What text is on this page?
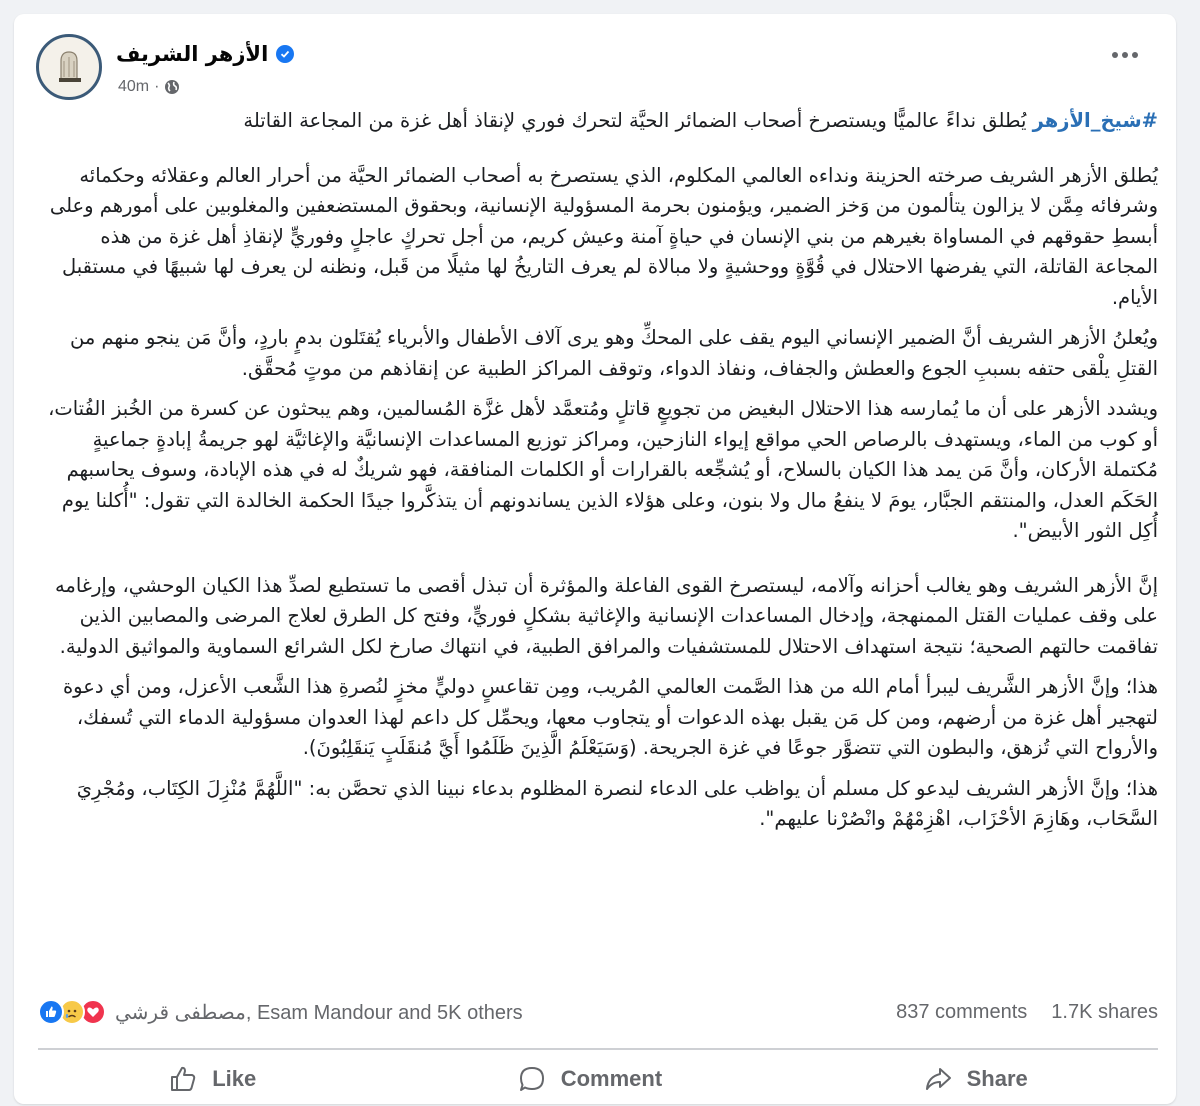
الأزهر الشريف
40m ·

#شيخ_الأزهر يُطلق نداءً عالميًّا ويستصرخ أصحاب الضمائر الحيَّة لتحرك فوري لإنقاذ أهل غزة من المجاعة القاتلة

يُطلق الأزهر الشريف صرخته الحزينة ونداءه العالمي المكلوم، الذي يستصرخ به أصحاب الضمائر الحيَّة من أحرار العالم وعقلائه وحكمائه وشرفائه مِمَّن لا يزالون يتألمون من وَخز الضمير، ويؤمنون بحرمة المسؤولية الإنسانية، وبحقوق المستضعفين والمغلوبين على أمورهم وعلى أبسطِ حقوقهم في المساواة بغيرهم من بني الإنسان في حياةٍ آمنة وعيش كريم، من أجل تحركٍ عاجلٍ وفوريٍّ لإنقاذِ أهل غزة من هذه المجاعة القاتلة، التي يفرضها الاحتلال في قُوَّةٍ ووحشيةٍ ولا مبالاة لم يعرف التاريخُ لها مثيلًا من قَبل، ونظنه لن يعرف لها شبيهًا في مستقبل الأيام.

ويُعلنُ الأزهر الشريف أنَّ الضمير الإنساني اليوم يقف على المحكِّ وهو يرى آلاف الأطفال والأبرياء يُقتَلون بدمٍ باردٍ، وأنَّ مَن ينجو منهم من القتلِ يلْقى حتفه بسببِ الجوع والعطش والجفاف، ونفاذ الدواء، وتوقف المراكز الطبية عن إنقاذهم من موتٍ مُحقَّق.

ويشدد الأزهر على أن ما يُمارسه هذا الاحتلال البغيض من تجويعٍ قاتلٍ ومُتعمَّد لأهل غزَّة المُسالمين، وهم يبحثون عن كسرة من الخُبز الفُتات، أو كوب من الماء، ويستهدف بالرصاص الحي مواقع إيواء النازحين، ومراكز توزيع المساعدات الإنسانيَّة والإغاثيَّة لهو جريمةُ إبادةٍ جماعيةٍ مُكتملة الأركان، وأنَّ مَن يمد هذا الكيان بالسلاح، أو يُشجِّعه بالقرارات أو الكلمات المنافقة، فهو شريكٌ له في هذه الإبادة، وسوف يحاسبهم الحَكَم العدل، والمنتقم الجبَّار، يومَ لا ينفعُ مال ولا بنون، وعلى هؤلاء الذين يساندونهم أن يتذكَّروا جيدًا الحكمة الخالدة التي تقول: "أُكلنا يوم أُكِل الثور الأبيض".

إنَّ الأزهر الشريف وهو يغالب أحزانه وآلامه، ليستصرخ القوى الفاعلة والمؤثرة أن تبذل أقصى ما تستطيع لصدِّ هذا الكيان الوحشي، وإرغامه على وقف عمليات القتل الممنهجة، وإدخال المساعدات الإنسانية والإغاثية بشكلٍ فوريٍّ، وفتح كل الطرق لعلاج المرضى والمصابين الذين تفاقمت حالتهم الصحية؛ نتيجة استهداف الاحتلال للمستشفيات والمرافق الطبية، في انتهاك صارخ لكل الشرائع السماوية والمواثيق الدولية.

هذا؛ وإنَّ الأزهر الشَّريف ليبرأ أمام الله من هذا الصَّمت العالمي المُريب، ومِن تقاعسٍ دوليٍّ مخزٍ لنُصرةِ هذا الشَّعب الأعزل، ومن أي دعوة لتهجير أهل غزة من أرضهم، ومن كل مَن يقبل بهذه الدعوات أو يتجاوب معها، ويحمِّل كل داعم لهذا العدوان مسؤولية الدماء التي تُسفك، والأرواح التي تُزهق، والبطون التي تتضوَّر جوعًا في غزة الجريحة. (وَسَيَعْلَمُ الَّذِينَ ظَلَمُوا أَيَّ مُنقَلَبٍ يَنقَلِبُونَ).

هذا؛ وإنَّ الأزهر الشريف ليدعو كل مسلم أن يواظب على الدعاء لنصرة المظلوم بدعاء نبينا الذي تحصَّن به: "اللَّهُمَّ مُنْزِلَ الكِتَاب، ومُجْرِيَ السَّحَاب، وهَازِمَ الأحْزَاب، اهْزِمْهُمْ وانْصُرْنا عليهم".

مصطفى قرشي, Esam Mandour and 5K others	837 comments 1.7K shares
Like	Comment	Share
